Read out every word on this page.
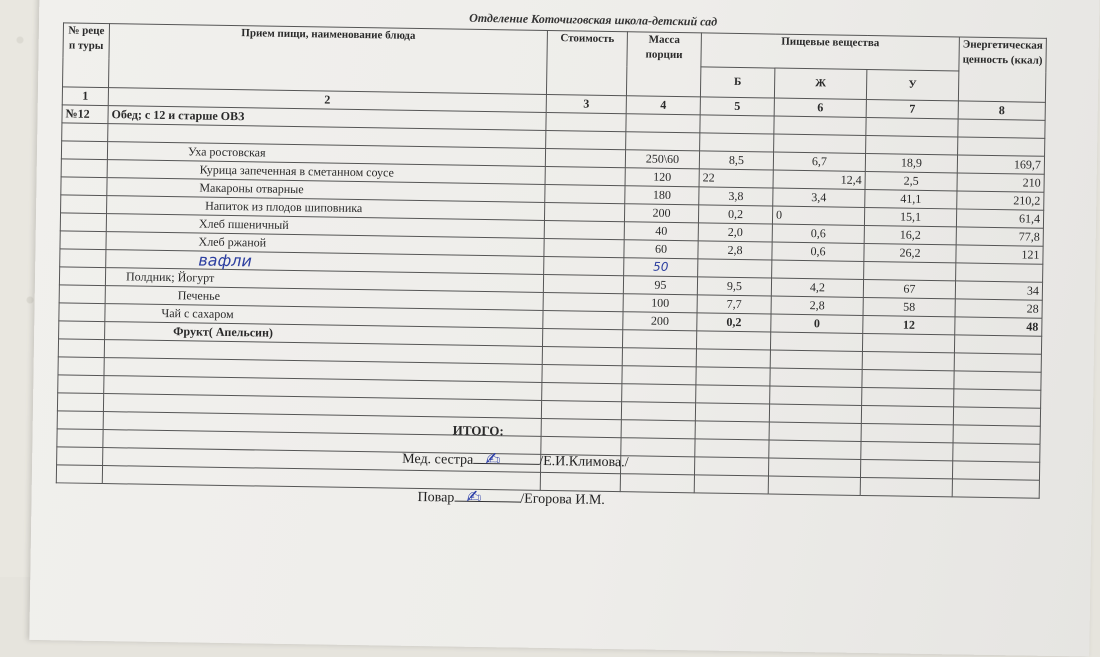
Отделение Коточиговская школа-детский сад
№ реце п туры	Прием пищи, наименование блюда	Стоимость	Масса порции	Пищевые вещества			Энергетическая ценность (ккал)
				Б	Ж	У	
1	2	3	4	5	6	7	8
№12	Обед; с 12 и старше ОВЗ						

	Уха ростовская		250\60	8,5	6,7	18,9	169,7
	Курица запеченная в сметанном соусе		120	22	12,4	2,5	210
	Макароны отварные		180	3,8	3,4	41,1	210,2
	Напиток из плодов шиповника		200	0,2	0	15,1	61,4
	Хлеб пшеничный		40	2,0	0,6	16,2	77,8
	Хлеб ржаной		60	2,8	0,6	26,2	121
	вафли		50				
	Полдник; Йогурт		95	9,5	4,2	67	34
	Печенье		100	7,7	2,8	58	28
	Чай с сахаром		200	0,2	0	12	48
	Фрукт( Апельсин)						

ИТОГО:
Мед. сестра ✍	/Е.И.Климова./
Повар ✍	/Егорова И.М.
